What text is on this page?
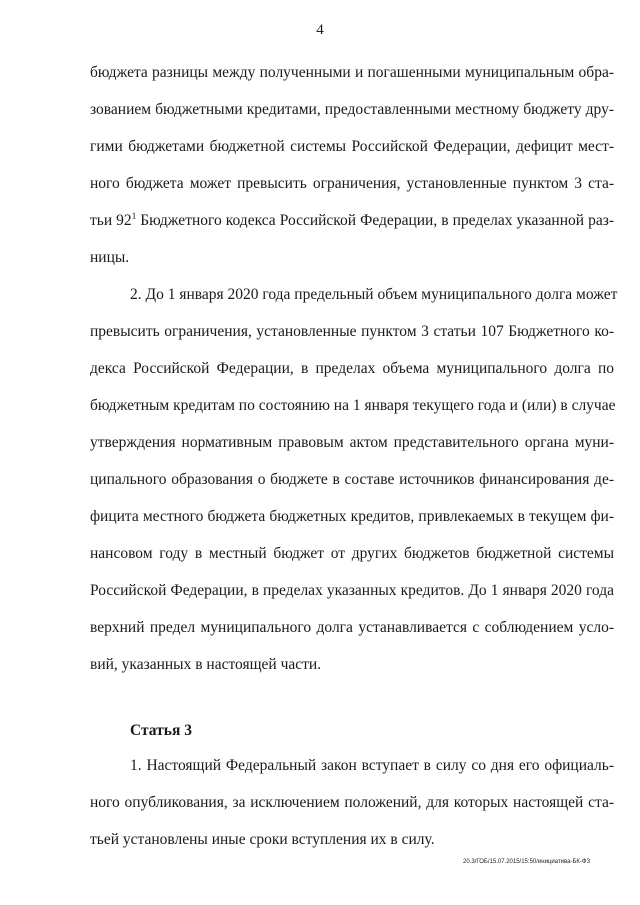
4
бюджета разницы между полученными и погашенными муниципальным обра-
зованием бюджетными кредитами, предоставленными местному бюджету дру-
гими бюджетами бюджетной системы Российской Федерации, дефицит мест-
ного бюджета может превысить ограничения, установленные пунктом 3 ста-
тьи $92^1$ Бюджетного кодекса Российской Федерации, в пределах указанной раз-
ницы.
2. До 1 января 2020 года предельный объем муниципального долга может
превысить ограничения, установленные пунктом 3 статьи 107 Бюджетного ко-
декса Российской Федерации, в пределах объема муниципального долга по
бюджетным кредитам по состоянию на 1 января текущего года и (или) в случае
утверждения нормативным правовым актом представительного органа муни-
ципального образования о бюджете в составе источников финансирования де-
фицита местного бюджета бюджетных кредитов, привлекаемых в текущем фи-
нансовом году в местный бюджет от других бюджетов бюджетной системы
Российской Федерации, в пределах указанных кредитов. До 1 января 2020 года
верхний предел муниципального долга устанавливается с соблюдением усло-
вий, указанных в настоящей части.
Статья 3
1. Настоящий Федеральный закон вступает в силу со дня его официаль-
ного опубликования, за исключением положений, для которых настоящей ста-
тьей установлены иные сроки вступления их в силу.
20.3/ГОБ/15.07.2015/15:50/инициатива-БК-ФЗ
